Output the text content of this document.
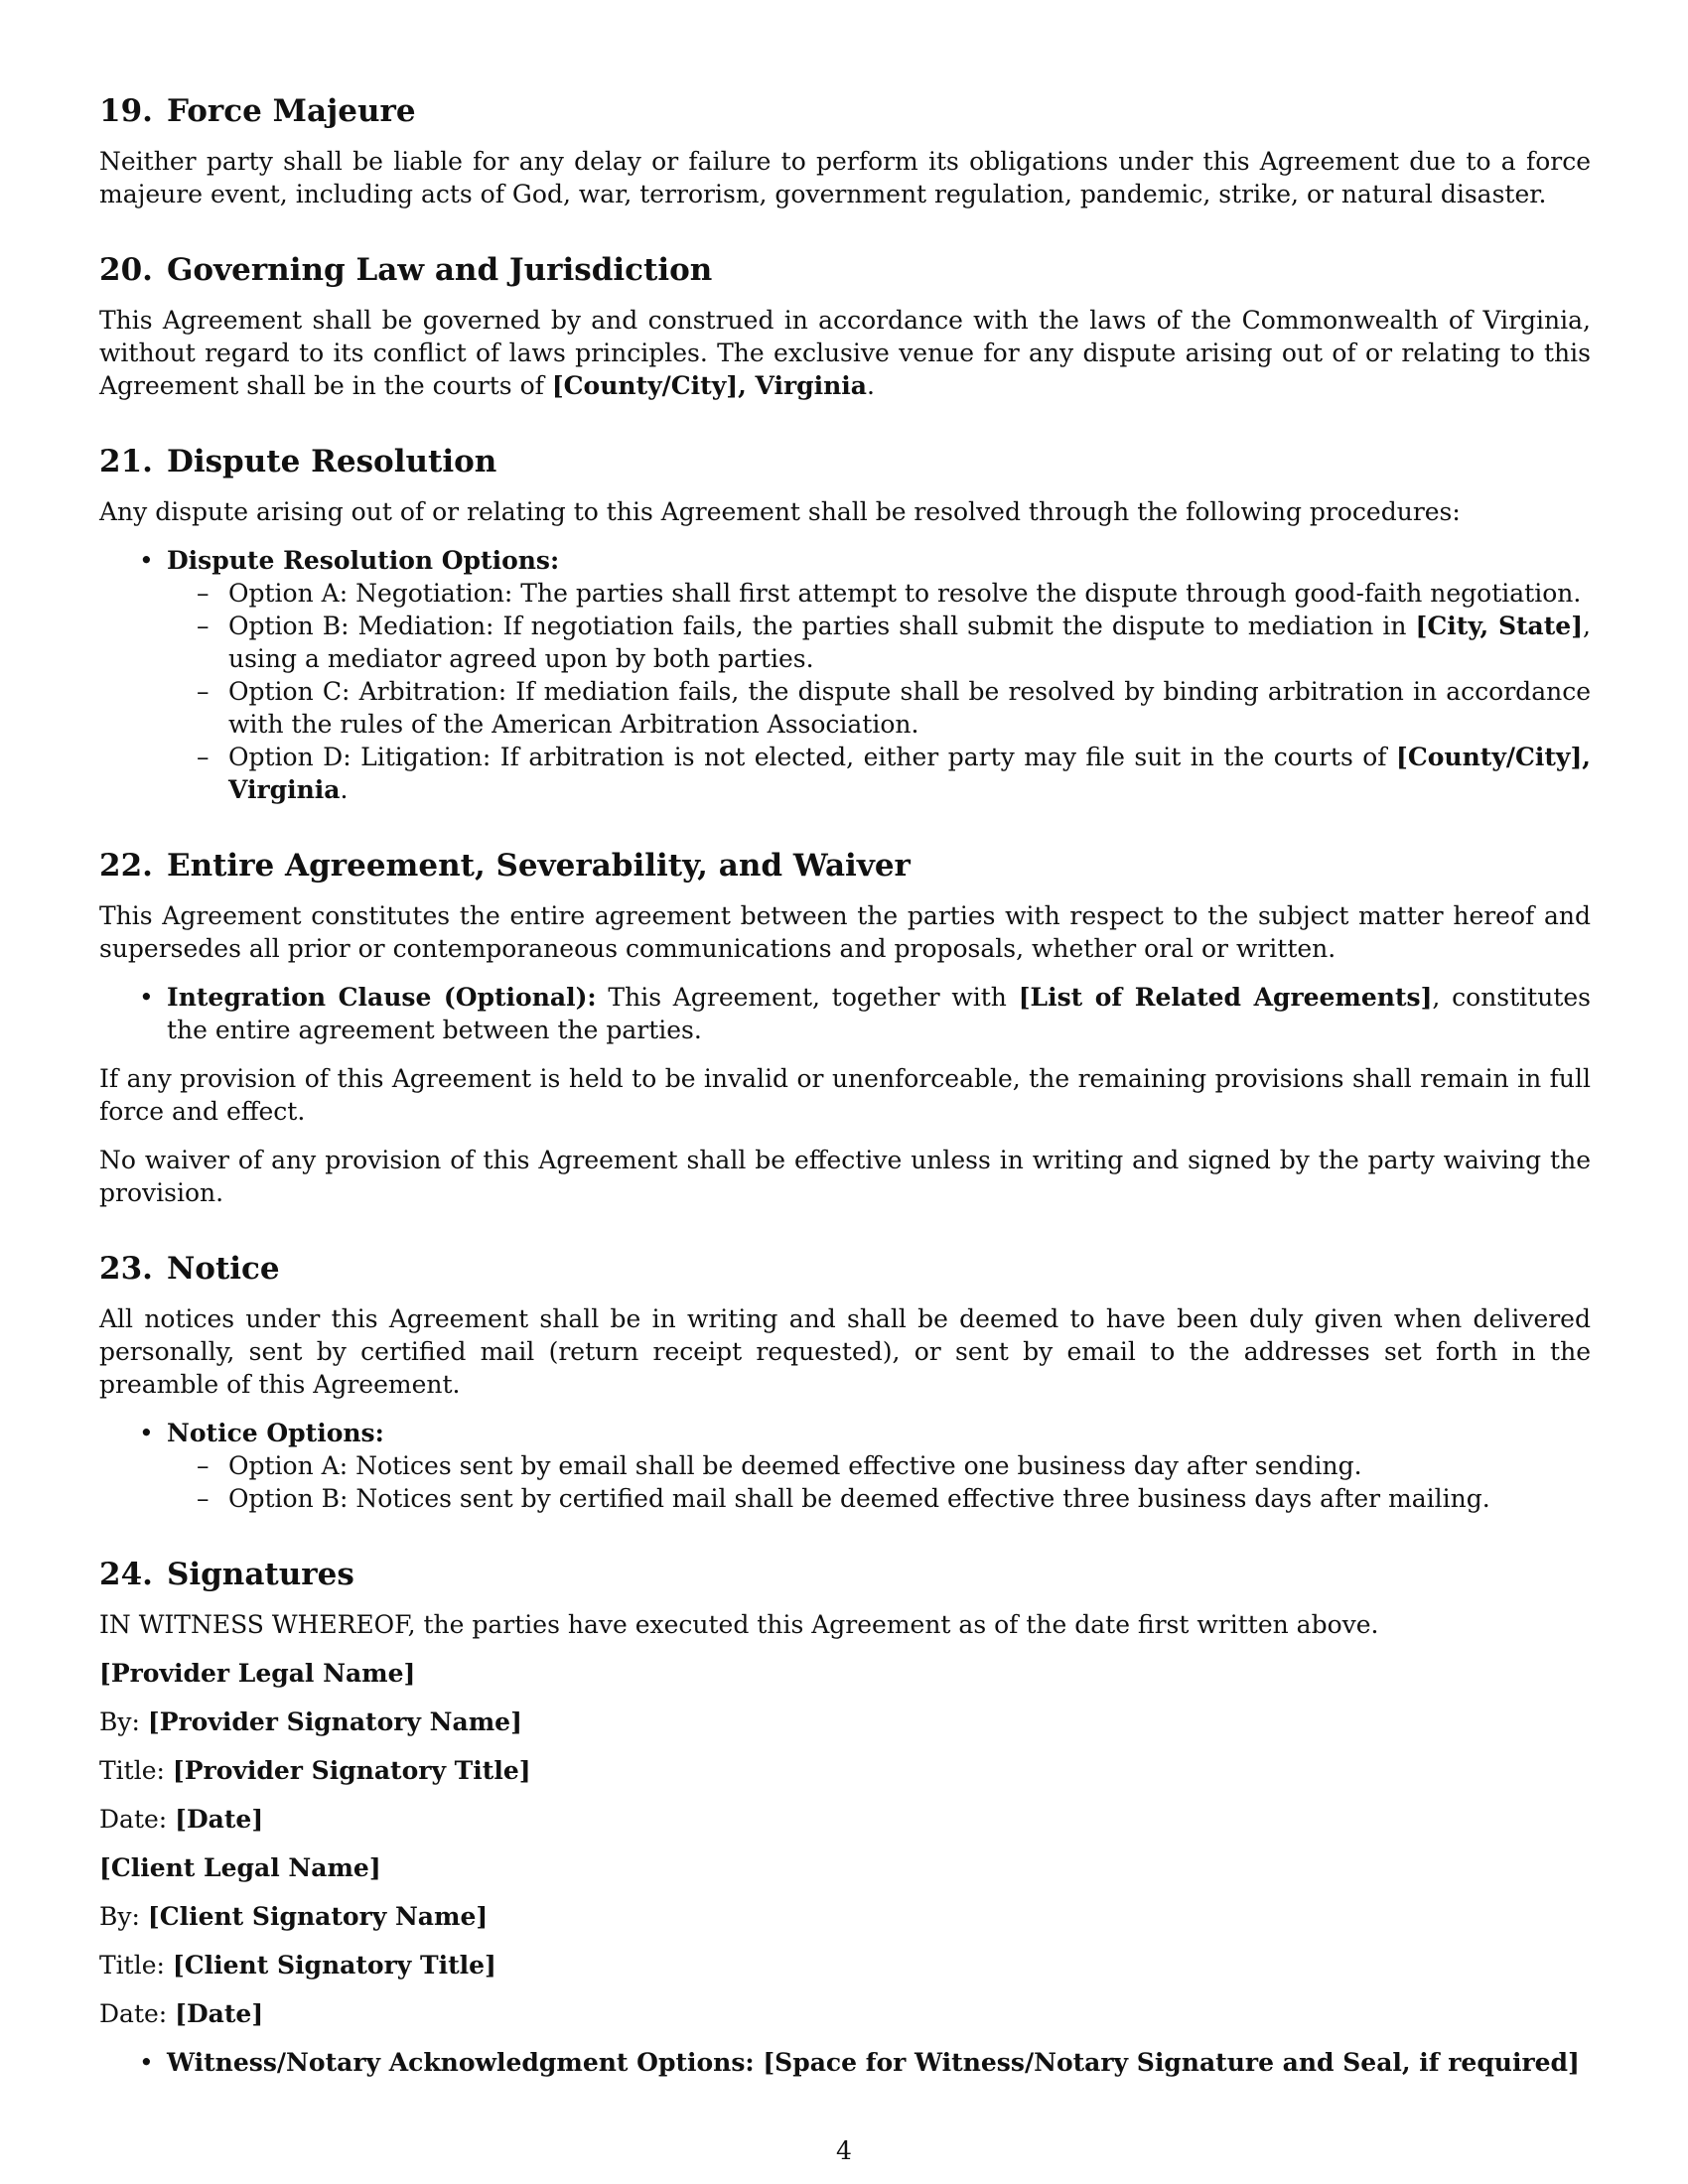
19. Force Majeure

Neither party shall be liable for any delay or failure to perform its obligations under this Agreement due to a force majeure event, including acts of God, war, terrorism, government regulation, pandemic, strike, or natural disaster.

20. Governing Law and Jurisdiction

This Agreement shall be governed by and construed in accordance with the laws of the Commonwealth of Virginia, without regard to its conflict of laws principles. The exclusive venue for any dispute arising out of or relating to this Agreement shall be in the courts of [County/City], Virginia.

21. Dispute Resolution

Any dispute arising out of or relating to this Agreement shall be resolved through the following procedures:

• Dispute Resolution Options:
– Option A: Negotiation: The parties shall first attempt to resolve the dispute through good-faith negotiation.
– Option B: Mediation: If negotiation fails, the parties shall submit the dispute to mediation in [City, State], using a mediator agreed upon by both parties.
– Option C: Arbitration: If mediation fails, the dispute shall be resolved by binding arbitration in accordance with the rules of the American Arbitration Association.
– Option D: Litigation: If arbitration is not elected, either party may file suit in the courts of [County/City], Virginia.
22. Entire Agreement, Severability, and Waiver

This Agreement constitutes the entire agreement between the parties with respect to the subject matter hereof and supersedes all prior or contemporaneous communications and proposals, whether oral or written.

• Integration Clause (Optional): This Agreement, together with [List of Related Agreements], constitutes the entire agreement between the parties.

If any provision of this Agreement is held to be invalid or unenforceable, the remaining provisions shall remain in full force and effect.

No waiver of any provision of this Agreement shall be effective unless in writing and signed by the party waiving the provision.

23. Notice

All notices under this Agreement shall be in writing and shall be deemed to have been duly given when delivered personally, sent by certified mail (return receipt requested), or sent by email to the addresses set forth in the preamble of this Agreement.

• Notice Options:
– Option A: Notices sent by email shall be deemed effective one business day after sending.
– Option B: Notices sent by certified mail shall be deemed effective three business days after mailing.
24. Signatures

IN WITNESS WHEREOF, the parties have executed this Agreement as of the date first written above.

[Provider Legal Name]

By: [Provider Signatory Name]

Title: [Provider Signatory Title]

Date: [Date]

[Client Legal Name]

By: [Client Signatory Name]

Title: [Client Signatory Title]

Date: [Date]

• Witness/Notary Acknowledgment Options: [Space for Witness/Notary Signature and Seal, if required]
4
